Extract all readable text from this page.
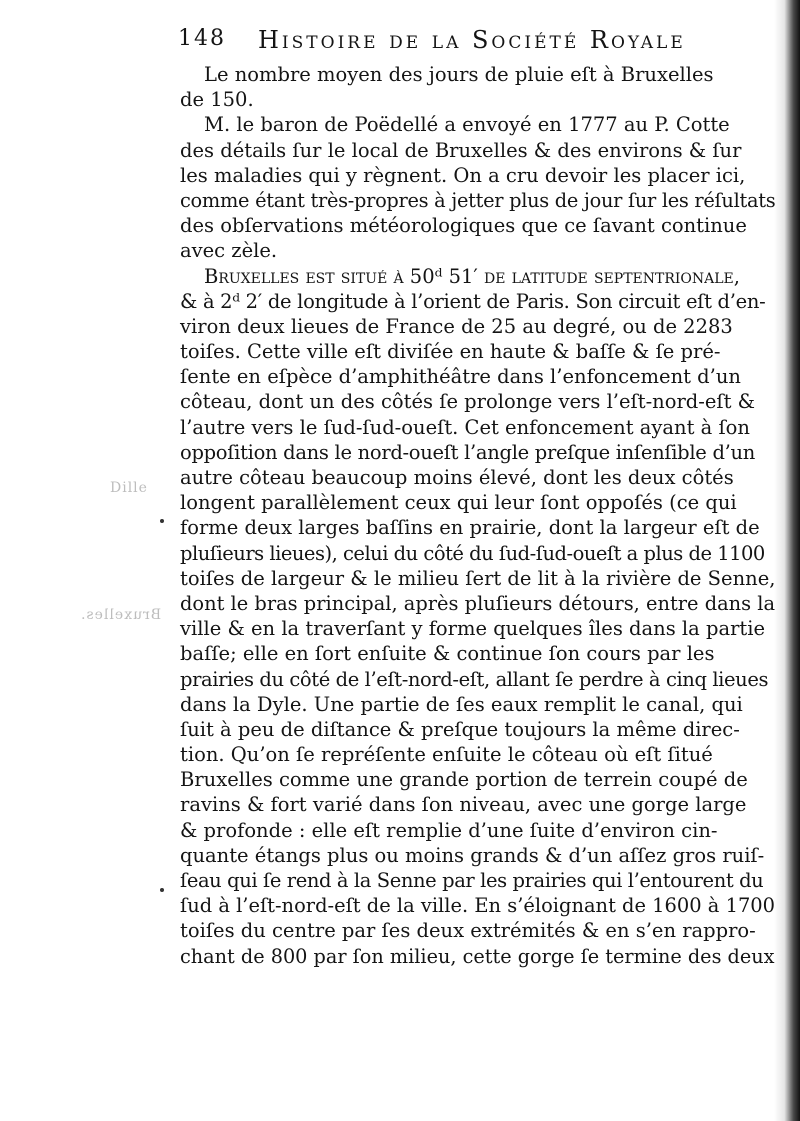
148 Histoire de la Société Royale
Dille
Bruxelles.
Le nombre moyen des jours de pluie eſt à Bruxelles
de 150.
M. le baron de Poëdellé a envoyé en 1777 au P. Cotte
des détails ſur le local de Bruxelles & des environs & ſur
les maladies qui y règnent. On a cru devoir les placer ici,
comme étant très-propres à jetter plus de jour ſur les réſultats
des obſervations météorologiques que ce ſavant continue
avec zèle.
Bruxelles eſt ſitué à 50ᵈ 51′ de latitude ſeptentrionale,
& à 2ᵈ 2′ de longitude à l’orient de Paris. Son circuit eſt d’en-
viron deux lieues de France de 25 au degré, ou de 2283
toiſes. Cette ville eſt diviſée en haute & baſſe & ſe pré-
ſente en eſpèce d’amphithéâtre dans l’enfoncement d’un
côteau, dont un des côtés ſe prolonge vers l’eſt-nord-eſt &
l’autre vers le ſud-ſud-oueſt. Cet enfoncement ayant à ſon
oppoſition dans le nord-oueſt l’angle preſque inſenſible d’un
autre côteau beaucoup moins élevé, dont les deux côtés
longent parallèlement ceux qui leur ſont oppoſés (ce qui
forme deux larges baſſins en prairie, dont la largeur eſt de
pluſieurs lieues), celui du côté du ſud-ſud-oueſt a plus de 1100
toiſes de largeur & le milieu ſert de lit à la rivière de Senne,
dont le bras principal, après pluſieurs détours, entre dans la
ville & en la traverſant y forme quelques îles dans la partie
baſſe; elle en ſort enſuite & continue ſon cours par les
prairies du côté de l’eſt-nord-eſt, allant ſe perdre à cinq lieues
dans la Dyle. Une partie de ſes eaux remplit le canal, qui
ſuit à peu de diſtance & preſque toujours la même direc-
tion. Qu’on ſe repréſente enſuite le côteau où eſt ſitué
Bruxelles comme une grande portion de terrein coupé de
ravins & fort varié dans ſon niveau, avec une gorge large
& profonde : elle eſt remplie d’une ſuite d’environ cin-
quante étangs plus ou moins grands & d’un aſſez gros ruiſ-
ſeau qui ſe rend à la Senne par les prairies qui l’entourent du
ſud à l’eſt-nord-eſt de la ville. En s’éloignant de 1600 à 1700
toiſes du centre par ſes deux extrémités & en s’en rappro-
chant de 800 par ſon milieu, cette gorge ſe termine des deux
